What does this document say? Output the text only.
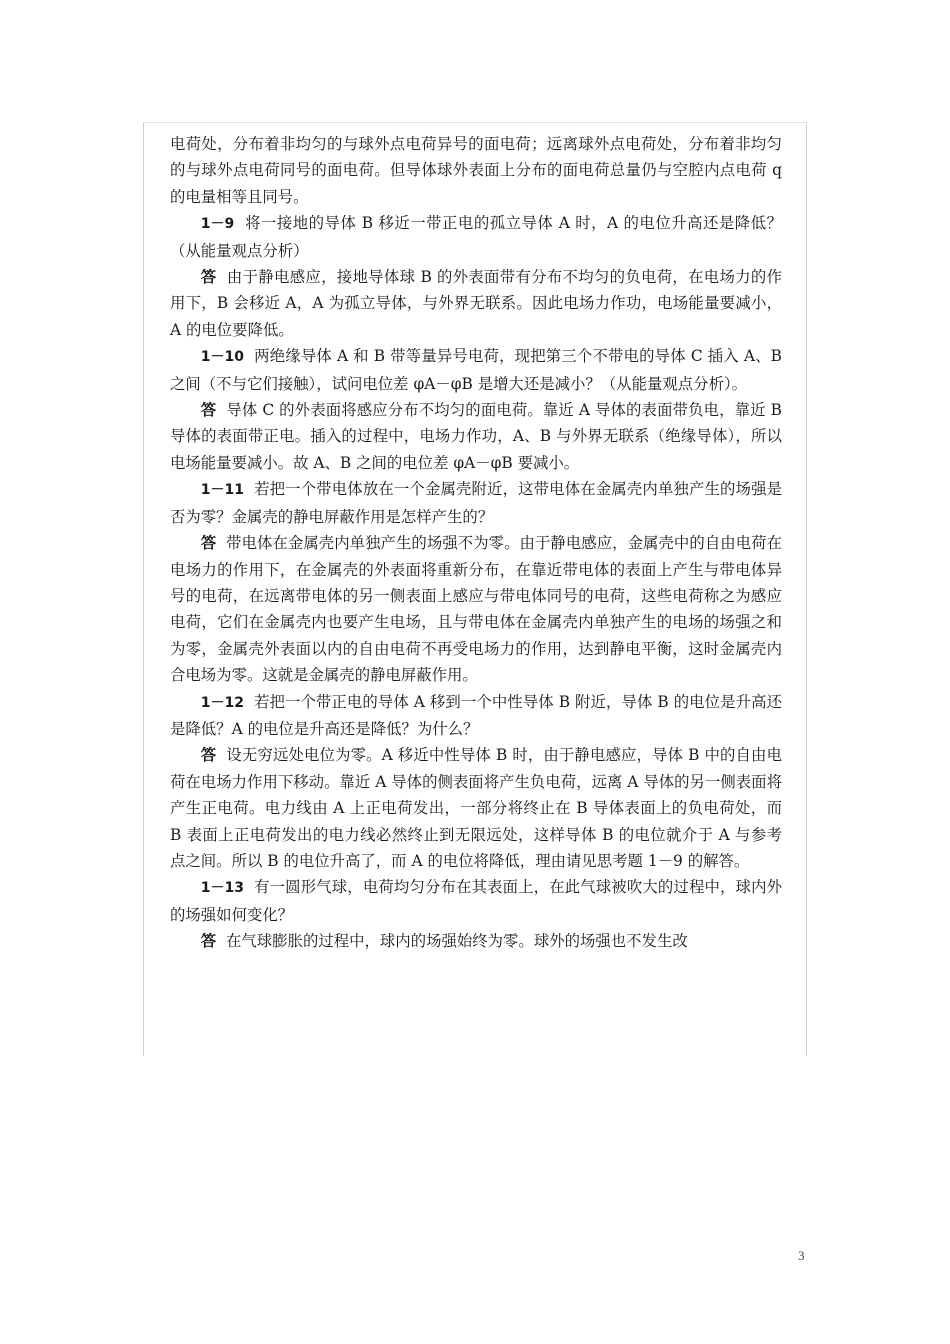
电荷处，分布着非均匀的与球外点电荷异号的面电荷；远离球外点电荷处，分布着非均匀的与球外点电荷同号的面电荷。但导体球外表面上分布的面电荷总量仍与空腔内点电荷 q 的电量相等且同号。

1－9 将一接地的导体 B 移近一带正电的孤立导体 A 时，A 的电位升高还是降低？（从能量观点分析）

答 由于静电感应，接地导体球 B 的外表面带有分布不均匀的负电荷，在电场力的作用下，B 会移近 A，A 为孤立导体，与外界无联系。因此电场力作功，电场能量要减小，A 的电位要降低。

1－10 两绝缘导体 A 和 B 带等量异号电荷，现把第三个不带电的导体 C 插入 A、B 之间（不与它们接触），试问电位差 φA－φB 是增大还是减小？（从能量观点分析）。

答 导体 C 的外表面将感应分布不均匀的面电荷。靠近 A 导体的表面带负电，靠近 B 导体的表面带正电。插入的过程中，电场力作功，A、B 与外界无联系（绝缘导体），所以电场能量要减小。故 A、B 之间的电位差 φA－φB 要减小。

1－11 若把一个带电体放在一个金属壳附近，这带电体在金属壳内单独产生的场强是否为零？金属壳的静电屏蔽作用是怎样产生的？

答 带电体在金属壳内单独产生的场强不为零。由于静电感应，金属壳中的自由电荷在电场力的作用下，在金属壳的外表面将重新分布，在靠近带电体的表面上产生与带电体异号的电荷，在远离带电体的另一侧表面上感应与带电体同号的电荷，这些电荷称之为感应电荷，它们在金属壳内也要产生电场，且与带电体在金属壳内单独产生的电场的场强之和为零，金属壳外表面以内的自由电荷不再受电场力的作用，达到静电平衡，这时金属壳内合电场为零。这就是金属壳的静电屏蔽作用。

1－12 若把一个带正电的导体 A 移到一个中性导体 B 附近，导体 B 的电位是升高还是降低？A 的电位是升高还是降低？为什么？

答 设无穷远处电位为零。A 移近中性导体 B 时，由于静电感应，导体 B 中的自由电荷在电场力作用下移动。靠近 A 导体的侧表面将产生负电荷，远离 A 导体的另一侧表面将产生正电荷。电力线由 A 上正电荷发出，一部分将终止在 B 导体表面上的负电荷处，而 B 表面上正电荷发出的电力线必然终止到无限远处，这样导体 B 的电位就介于 A 与参考点之间。所以 B 的电位升高了，而 A 的电位将降低，理由请见思考题 1－9 的解答。

1－13 有一圆形气球，电荷均匀分布在其表面上，在此气球被吹大的过程中，球内外的场强如何变化？

答 在气球膨胀的过程中，球内的场强始终为零。球外的场强也不发生改

3
